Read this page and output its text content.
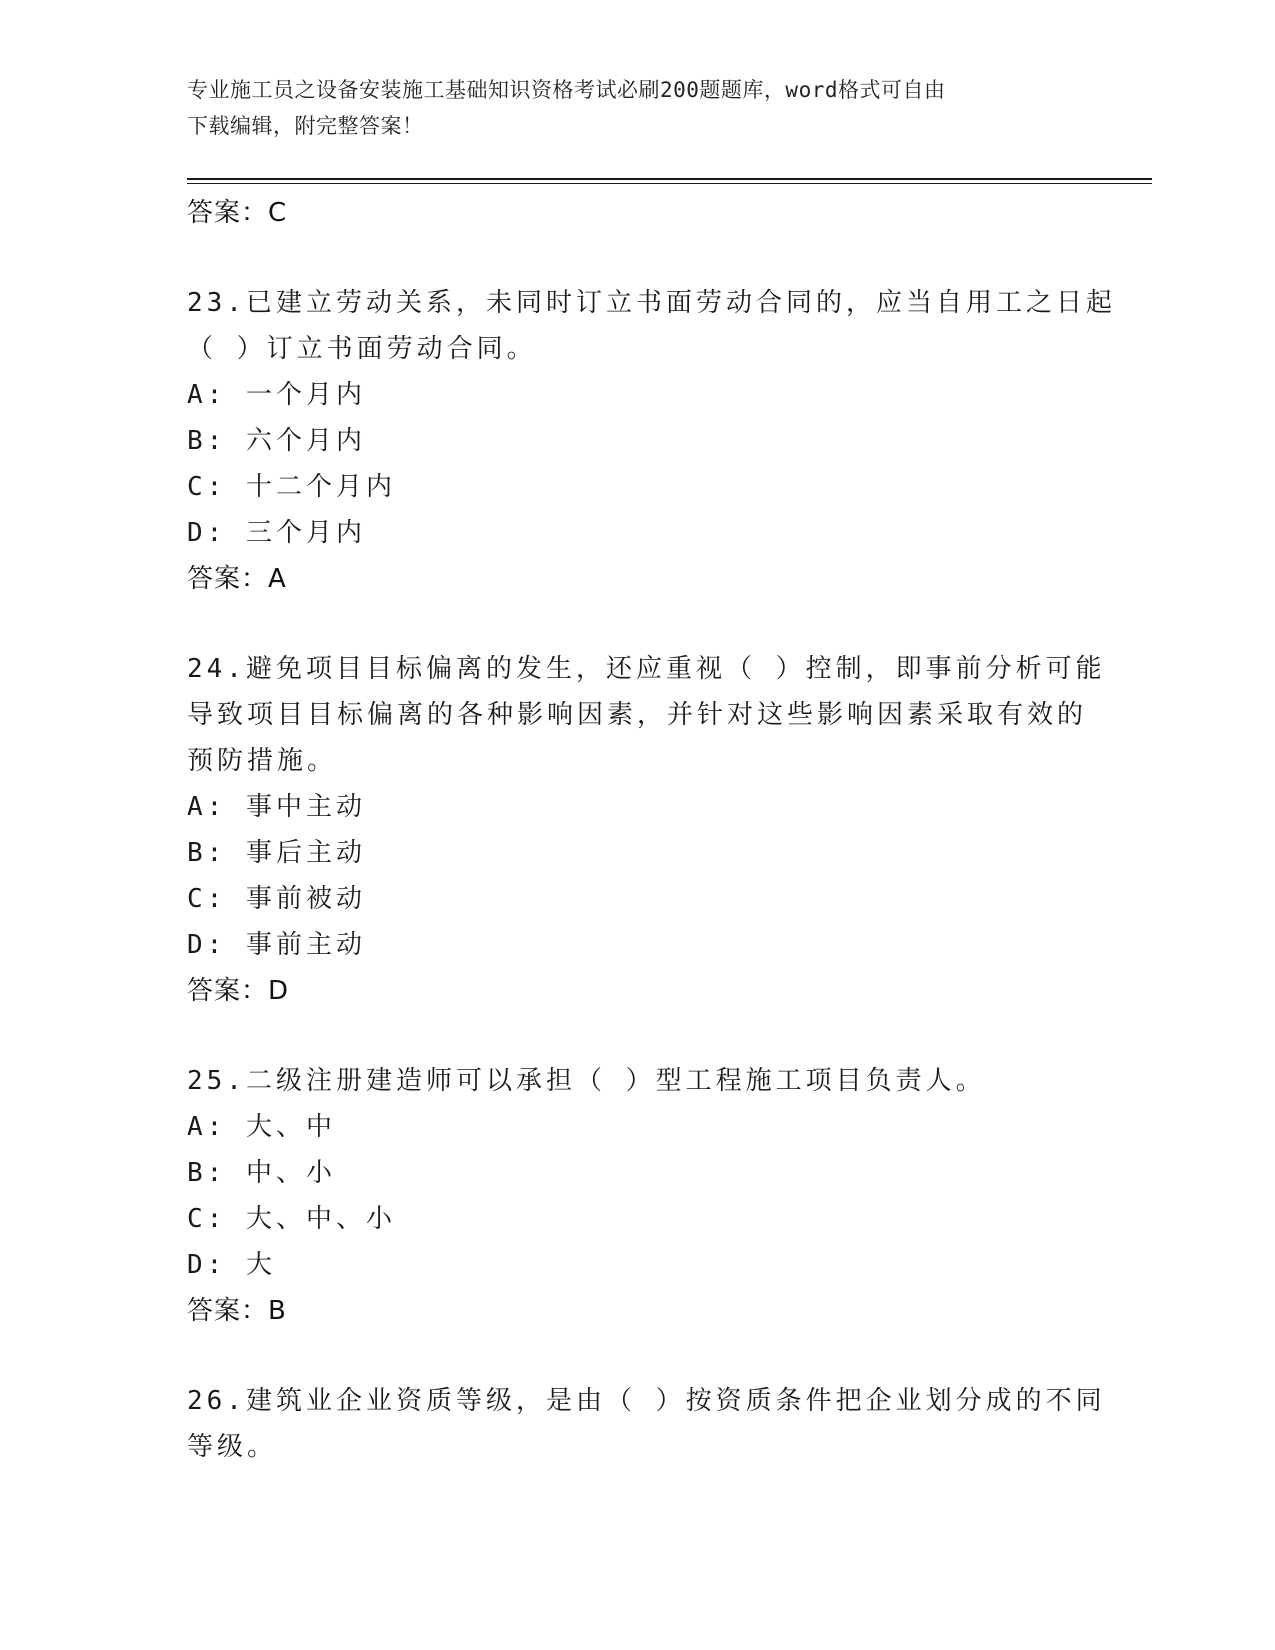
专业施工员之设备安装施工基础知识资格考试必刷200题题库，word格式可自由
下载编辑，附完整答案！
答案：C
23.已建立劳动关系，未同时订立书面劳动合同的，应当自用工之日起
（ ）订立书面劳动合同。
A: 一个月内
B: 六个月内
C: 十二个月内
D: 三个月内
答案：A
24.避免项目目标偏离的发生，还应重视（ ）控制，即事前分析可能
导致项目目标偏离的各种影响因素，并针对这些影响因素采取有效的
预防措施。
A: 事中主动
B: 事后主动
C: 事前被动
D: 事前主动
答案：D
25.二级注册建造师可以承担（ ）型工程施工项目负责人。
A: 大、中
B: 中、小
C: 大、中、小
D: 大
答案：B
26.建筑业企业资质等级，是由（ ）按资质条件把企业划分成的不同
等级。
